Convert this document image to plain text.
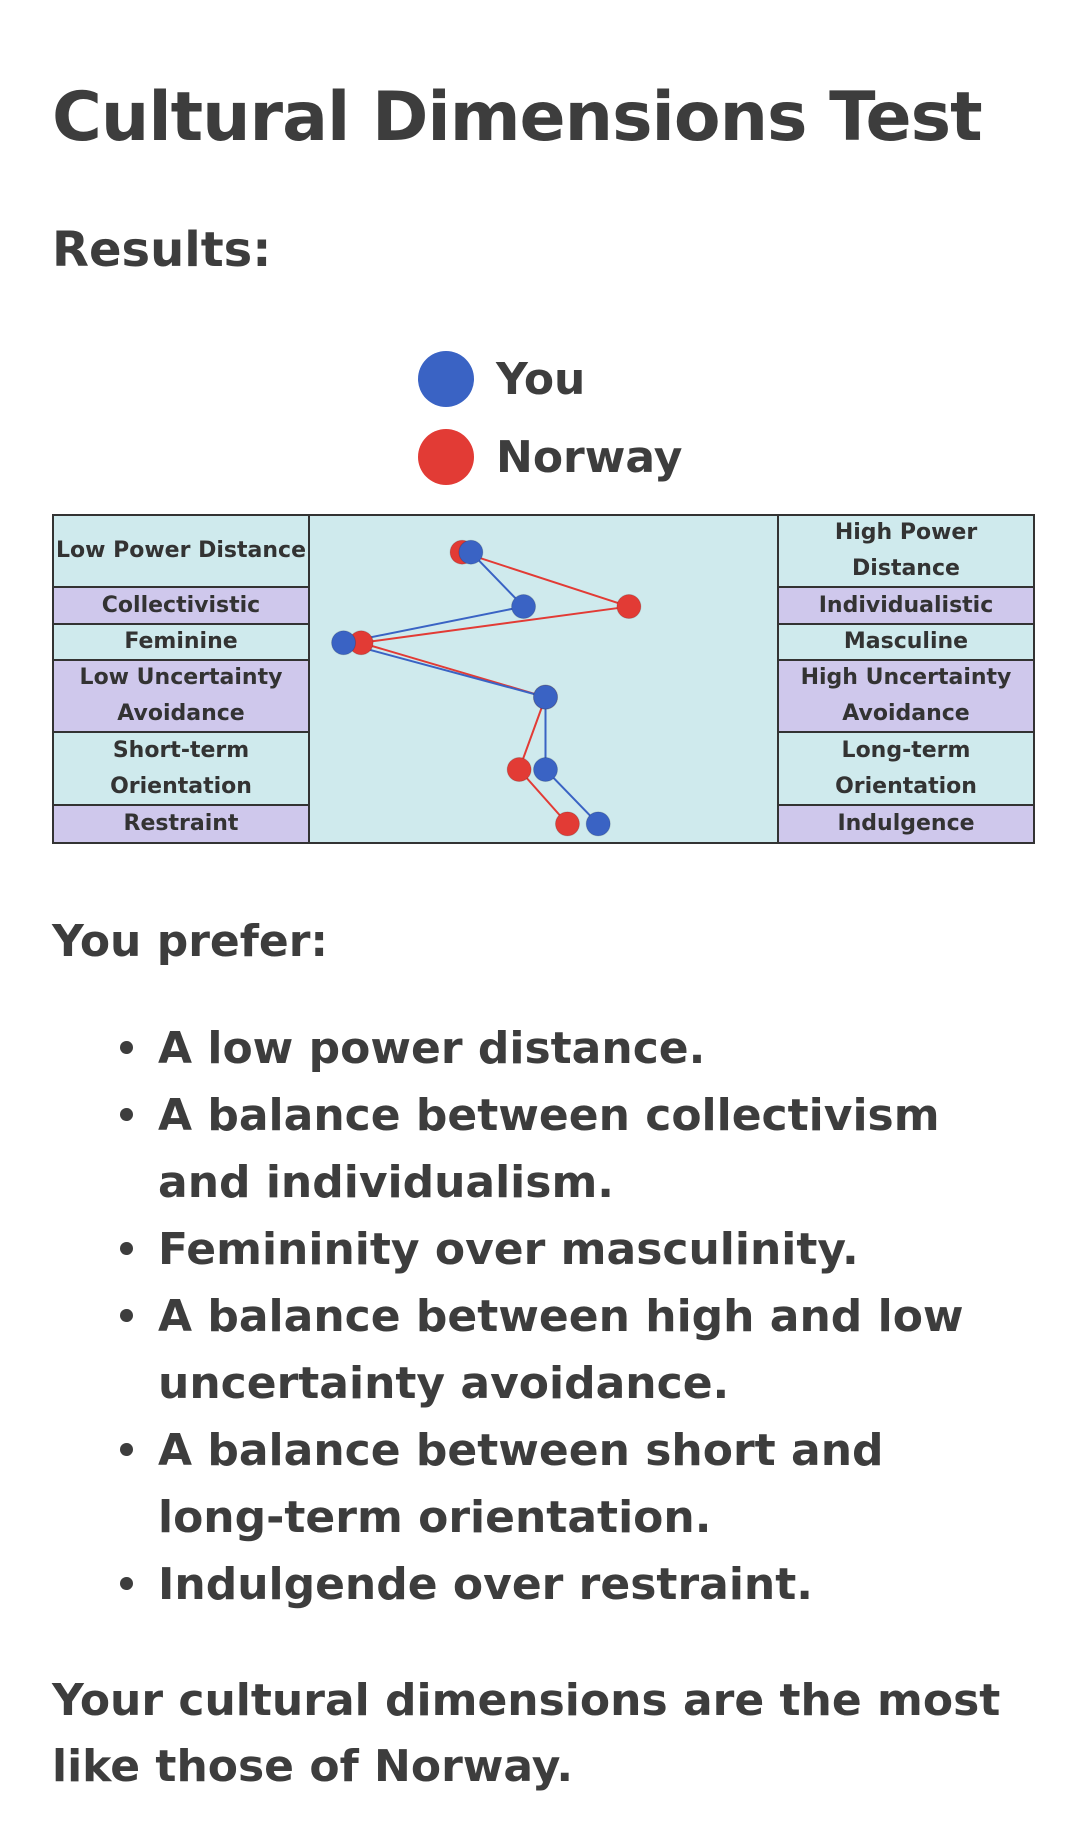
Cultural Dimensions Test
Results:
You
Norway
Low Power Distance
Collectivistic
Feminine
Low Uncertainty Avoidance
Short-term Orientation
Restraint
High Power Distance
Individualistic
Masculine
High Uncertainty Avoidance
Long-term Orientation
Indulgence
You prefer:
A low power distance.
A balance between collectivism and individualism.
Femininity over masculinity.
A balance between high and low uncertainty avoidance.
A balance between short and long-term orientation.
Indulgende over restraint.

Your cultural dimensions are the most like those of Norway.
